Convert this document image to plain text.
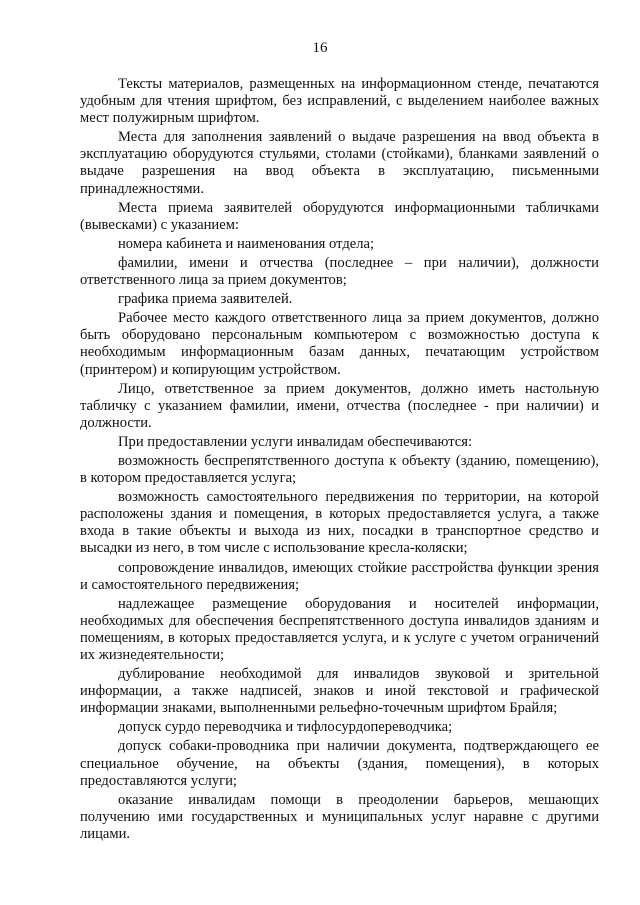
16

Тексты материалов, размещенных на информационном стенде, печатаются удобным для чтения шрифтом, без исправлений, с выделением наиболее важных мест полужирным шрифтом.

Места для заполнения заявлений о выдаче разрешения на ввод объекта в эксплуатацию оборудуются стульями, столами (стойками), бланками заявлений о выдаче разрешения на ввод объекта в эксплуатацию, письменными принадлежностями.

Места приема заявителей оборудуются информационными табличками (вывесками) с указанием:

номера кабинета и наименования отдела;

фамилии, имени и отчества (последнее – при наличии), должности ответственного лица за прием документов;

графика приема заявителей.

Рабочее место каждого ответственного лица за прием документов, должно быть оборудовано персональным компьютером с возможностью доступа к необходимым информационным базам данных, печатающим устройством (принтером) и копирующим устройством.

Лицо, ответственное за прием документов, должно иметь настольную табличку с указанием фамилии, имени, отчества (последнее - при наличии) и должности.

При предоставлении услуги инвалидам обеспечиваются:

возможность беспрепятственного доступа к объекту (зданию, помещению), в котором предоставляется услуга;

возможность самостоятельного передвижения по территории, на которой расположены здания и помещения, в которых предоставляется услуга, а также входа в такие объекты и выхода из них, посадки в транспортное средство и высадки из него, в том числе с использование кресла-коляски;

сопровождение инвалидов, имеющих стойкие расстройства функции зрения и самостоятельного передвижения;

надлежащее размещение оборудования и носителей информации, необходимых для обеспечения беспрепятственного доступа инвалидов зданиям и помещениям, в которых предоставляется услуга, и к услуге с учетом ограничений их жизнедеятельности;

дублирование необходимой для инвалидов звуковой и зрительной информации, а также надписей, знаков и иной текстовой и графической информации знаками, выполненными рельефно-точечным шрифтом Брайля;

допуск сурдо переводчика и тифлосурдопереводчика;

допуск собаки-проводника при наличии документа, подтверждающего ее специальное обучение, на объекты (здания, помещения), в которых предоставляются услуги;

оказание инвалидам помощи в преодолении барьеров, мешающих получению ими государственных и муниципальных услуг наравне с другими лицами.
